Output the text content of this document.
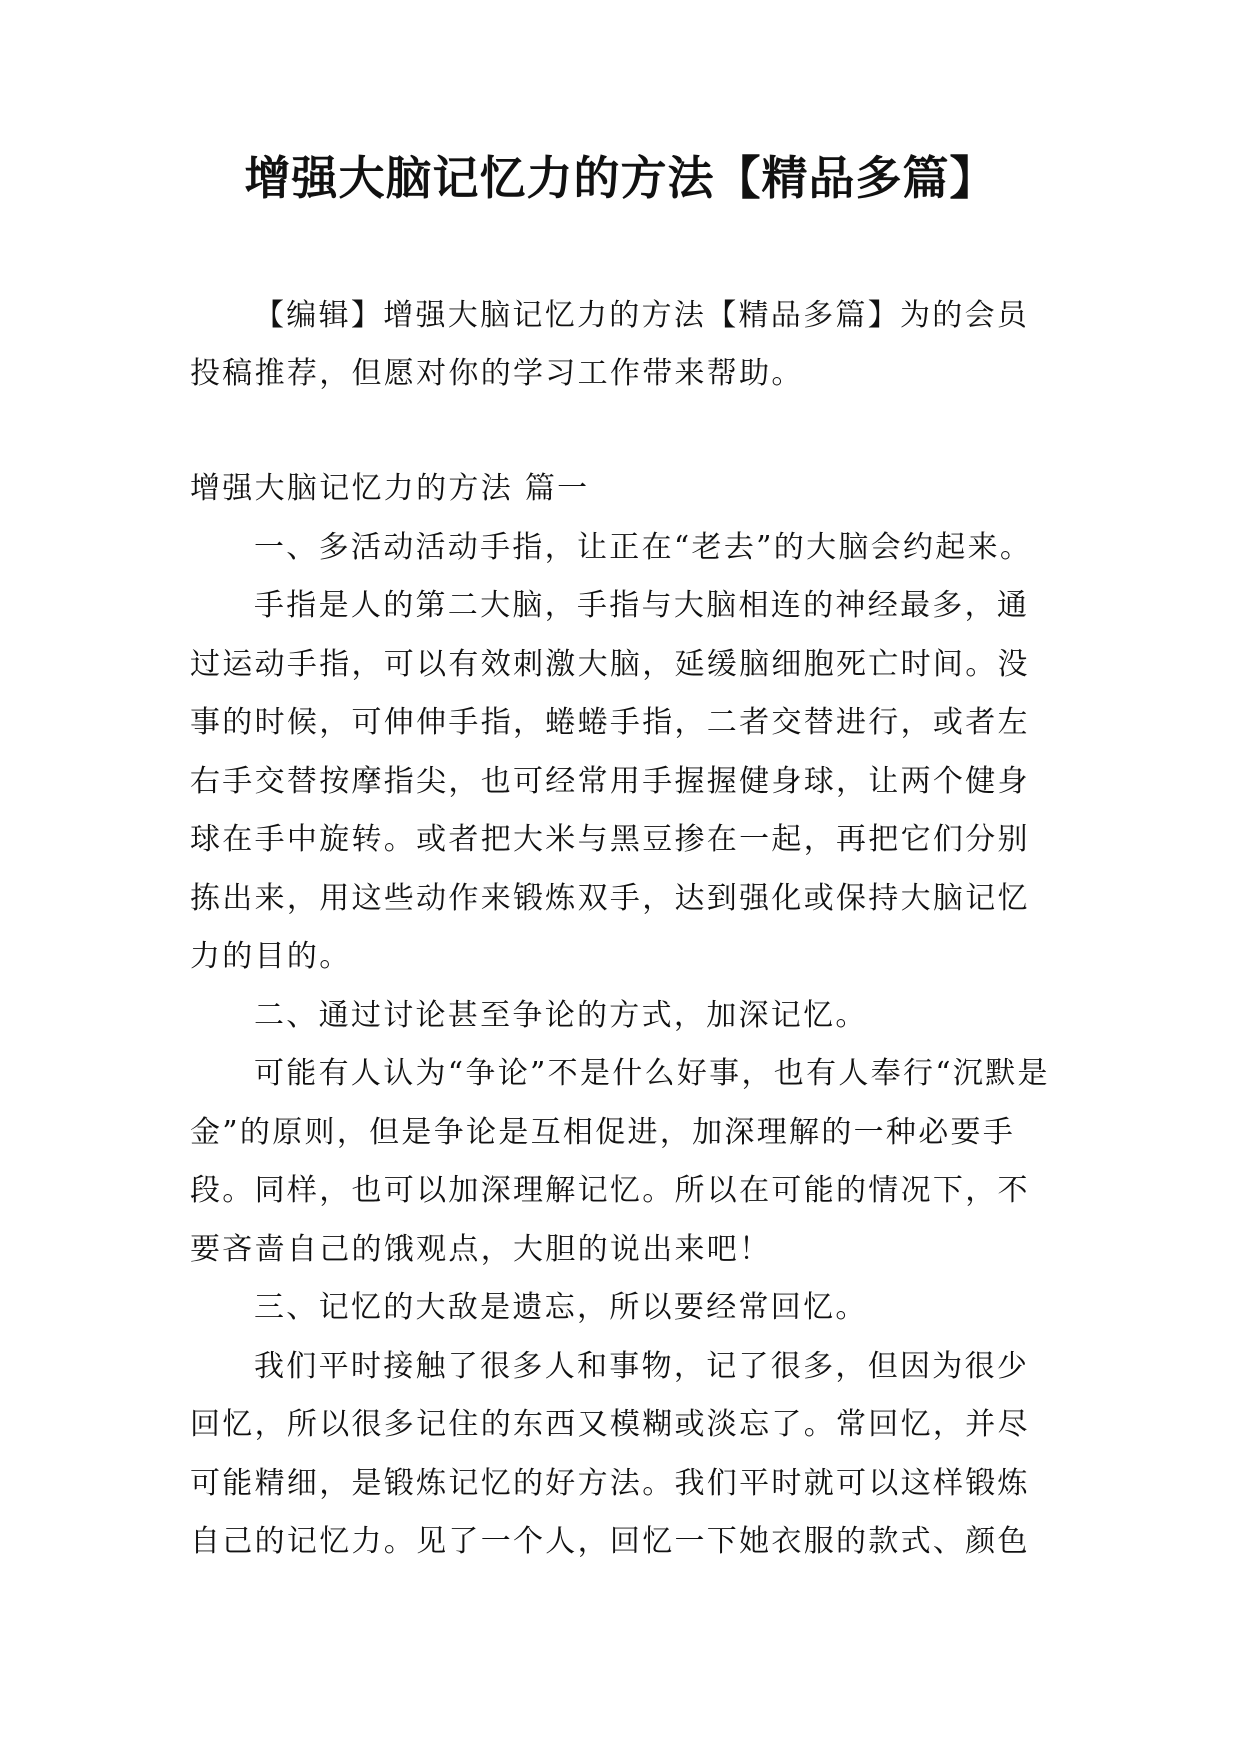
增强大脑记忆力的方法【精品多篇】

【编辑】增强大脑记忆力的方法【精品多篇】为的会员投稿推荐，但愿对你的学习工作带来帮助。

增强大脑记忆力的方法 篇一

一、多活动活动手指，让正在“老去”的大脑会约起来。

手指是人的第二大脑，手指与大脑相连的神经最多，通过运动手指，可以有效刺激大脑，延缓脑细胞死亡时间。没事的时候，可伸伸手指，蜷蜷手指，二者交替进行，或者左右手交替按摩指尖，也可经常用手握握健身球，让两个健身球在手中旋转。或者把大米与黑豆掺在一起，再把它们分别拣出来，用这些动作来锻炼双手，达到强化或保持大脑记忆力的目的。

二、通过讨论甚至争论的方式，加深记忆。

可能有人认为“争论”不是什么好事，也有人奉行“沉默是金”的原则，但是争论是互相促进，加深理解的一种必要手段。同样，也可以加深理解记忆。所以在可能的情况下，不要吝啬自己的饿观点，大胆的说出来吧！

三、记忆的大敌是遗忘，所以要经常回忆。

我们平时接触了很多人和事物，记了很多，但因为很少回忆，所以很多记住的东西又模糊或淡忘了。常回忆，并尽可能精细，是锻炼记忆的好方法。我们平时就可以这样锻炼自己的记忆力。见了一个人，回忆一下她衣服的款式、颜色
